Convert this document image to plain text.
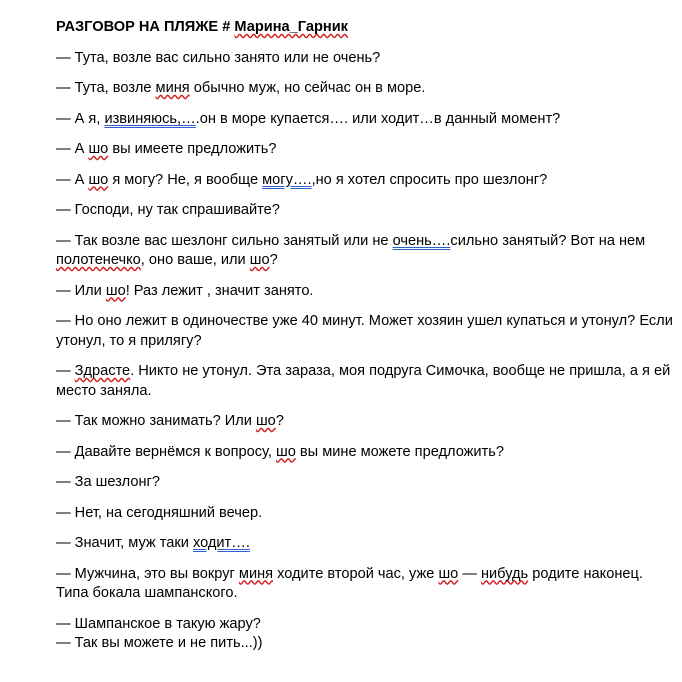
РАЗГОВОР НА ПЛЯЖЕ # Марина_Гарник

— Тута, возле вас сильно занято или не очень?

— Тута, возле миня обычно муж, но сейчас он в море.

— А я, извиняюсь,….он в море купается…. или ходит…в данный момент?

— А шо вы имеете предложить?

— А шо я могу? Не, я вообще могу….,но я хотел спросить про шезлонг?

— Господи, ну так спрашивайте?

— Так возле вас шезлонг сильно занятый или не очень….сильно занятый? Вот на нем полотенечко, оно ваше, или шо?

— Или шо! Раз лежит , значит занято.

— Но оно лежит в одиночестве уже 40 минут. Может хозяин ушел купаться и утонул? Если утонул, то я прилягу?

— Здрасте. Никто не утонул. Эта зараза, моя подруга Симочка, вообще не пришла, а я ей место заняла.

— Так можно занимать? Или шо?

— Давайте вернёмся к вопросу, шо вы мине можете предложить?

— За шезлонг?

— Нет, на сегодняшний вечер.

— Значит, муж таки ходит….

— Мужчина, это вы вокруг миня ходите второй час, уже шо — нибудь родите наконец. Типа бокала шампанского.

— Шампанское в такую жару?

— Так вы можете и не пить...))
